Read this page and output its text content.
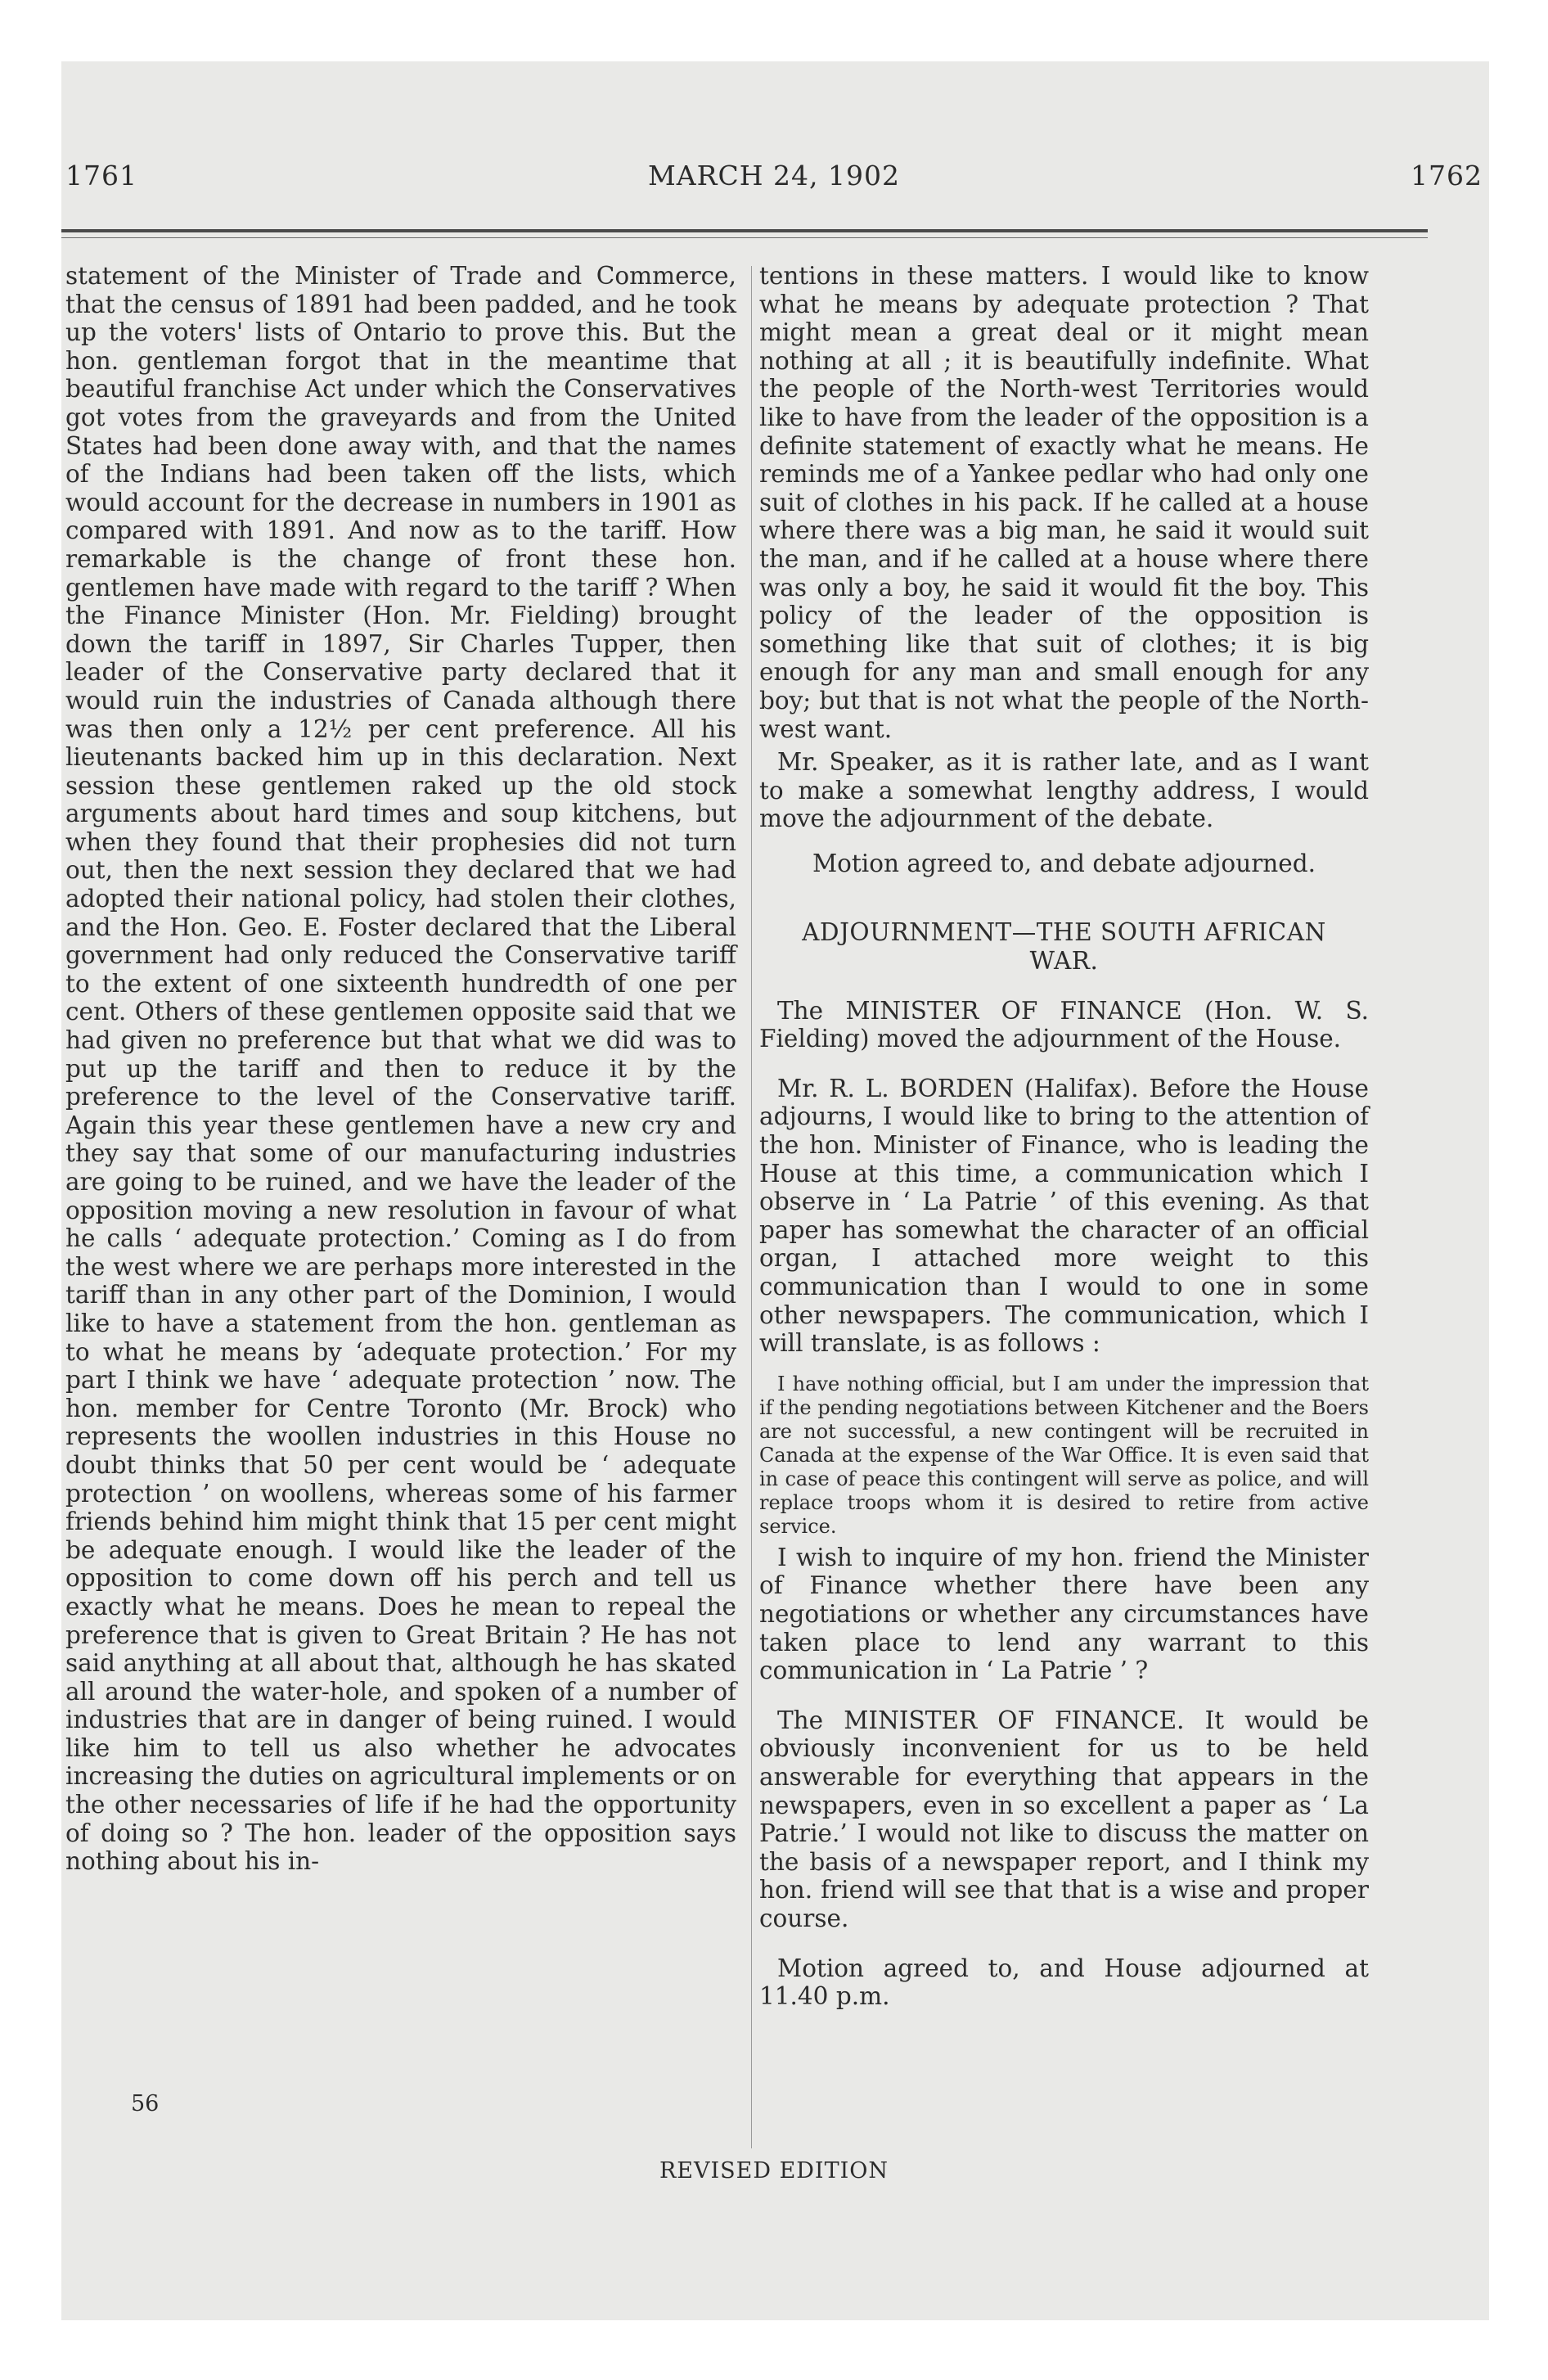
1761	MARCH 24, 1902	1762

statement of the Minister of Trade and Commerce, that the census of 1891 had been padded, and he took up the voters' lists of Ontario to prove this. But the hon. gentleman forgot that in the meantime that beautiful franchise Act under which the Conservatives got votes from the graveyards and from the United States had been done away with, and that the names of the Indians had been taken off the lists, which would account for the decrease in numbers in 1901 as compared with 1891. And now as to the tariff. How remarkable is the change of front these hon. gentlemen have made with regard to the tariff ? When the Finance Minister (Hon. Mr. Fielding) brought down the tariff in 1897, Sir Charles Tupper, then leader of the Conservative party declared that it would ruin the industries of Canada although there was then only a 12½ per cent preference. All his lieutenants backed him up in this declaration. Next session these gentlemen raked up the old stock arguments about hard times and soup kitchens, but when they found that their prophesies did not turn out, then the next session they declared that we had adopted their national policy, had stolen their clothes, and the Hon. Geo. E. Foster declared that the Liberal government had only reduced the Conservative tariff to the extent of one sixteenth hundredth of one per cent. Others of these gentlemen opposite said that we had given no preference but that what we did was to put up the tariff and then to reduce it by the preference to the level of the Conservative tariff. Again this year these gentlemen have a new cry and they say that some of our manufacturing industries are going to be ruined, and we have the leader of the opposition moving a new resolution in favour of what he calls ‘ adequate protection.’ Coming as I do from the west where we are perhaps more interested in the tariff than in any other part of the Dominion, I would like to have a statement from the hon. gentleman as to what he means by ‘adequate protection.’ For my part I think we have ‘ adequate protection ’ now. The hon. member for Centre Toronto (Mr. Brock) who represents the woollen industries in this House no doubt thinks that 50 per cent would be ‘ adequate protection ’ on woollens, whereas some of his farmer friends behind him might think that 15 per cent might be adequate enough. I would like the leader of the opposition to come down off his perch and tell us exactly what he means. Does he mean to repeal the preference that is given to Great Britain ? He has not said anything at all about that, although he has skated all around the water-hole, and spoken of a number of industries that are in danger of being ruined. I would like him to tell us also whether he advocates increasing the duties on agricultural implements or on the other necessaries of life if he had the opportunity of doing so ? The hon. leader of the opposition says nothing about his in-

tentions in these matters. I would like to know what he means by adequate protection ? That might mean a great deal or it might mean nothing at all ; it is beautifully indefinite. What the people of the North-west Territories would like to have from the leader of the opposition is a definite statement of exactly what he means. He reminds me of a Yankee pedlar who had only one suit of clothes in his pack. If he called at a house where there was a big man, he said it would suit the man, and if he called at a house where there was only a boy, he said it would fit the boy. This policy of the leader of the opposition is something like that suit of clothes; it is big enough for any man and small enough for any boy; but that is not what the people of the North-west want.

Mr. Speaker, as it is rather late, and as I want to make a somewhat lengthy address, I would move the adjournment of the debate.

Motion agreed to, and debate adjourned.

ADJOURNMENT—THE SOUTH AFRICAN WAR.

The MINISTER OF FINANCE (Hon. W. S. Fielding) moved the adjournment of the House.

Mr. R. L. BORDEN (Halifax). Before the House adjourns, I would like to bring to the attention of the hon. Minister of Finance, who is leading the House at this time, a communication which I observe in ‘ La Patrie ’ of this evening. As that paper has somewhat the character of an official organ, I attached more weight to this communication than I would to one in some other newspapers. The communication, which I will translate, is as follows :

I have nothing official, but I am under the impression that if the pending negotiations between Kitchener and the Boers are not successful, a new contingent will be recruited in Canada at the expense of the War Office. It is even said that in case of peace this contingent will serve as police, and will replace troops whom it is desired to retire from active service.

I wish to inquire of my hon. friend the Minister of Finance whether there have been any negotiations or whether any circumstances have taken place to lend any warrant to this communication in ‘ La Patrie ’ ?

The MINISTER OF FINANCE. It would be obviously inconvenient for us to be held answerable for everything that appears in the newspapers, even in so excellent a paper as ‘ La Patrie.’ I would not like to discuss the matter on the basis of a newspaper report, and I think my hon. friend will see that that is a wise and proper course.

Motion agreed to, and House adjourned at 11.40 p.m.

56
REVISED EDITION
